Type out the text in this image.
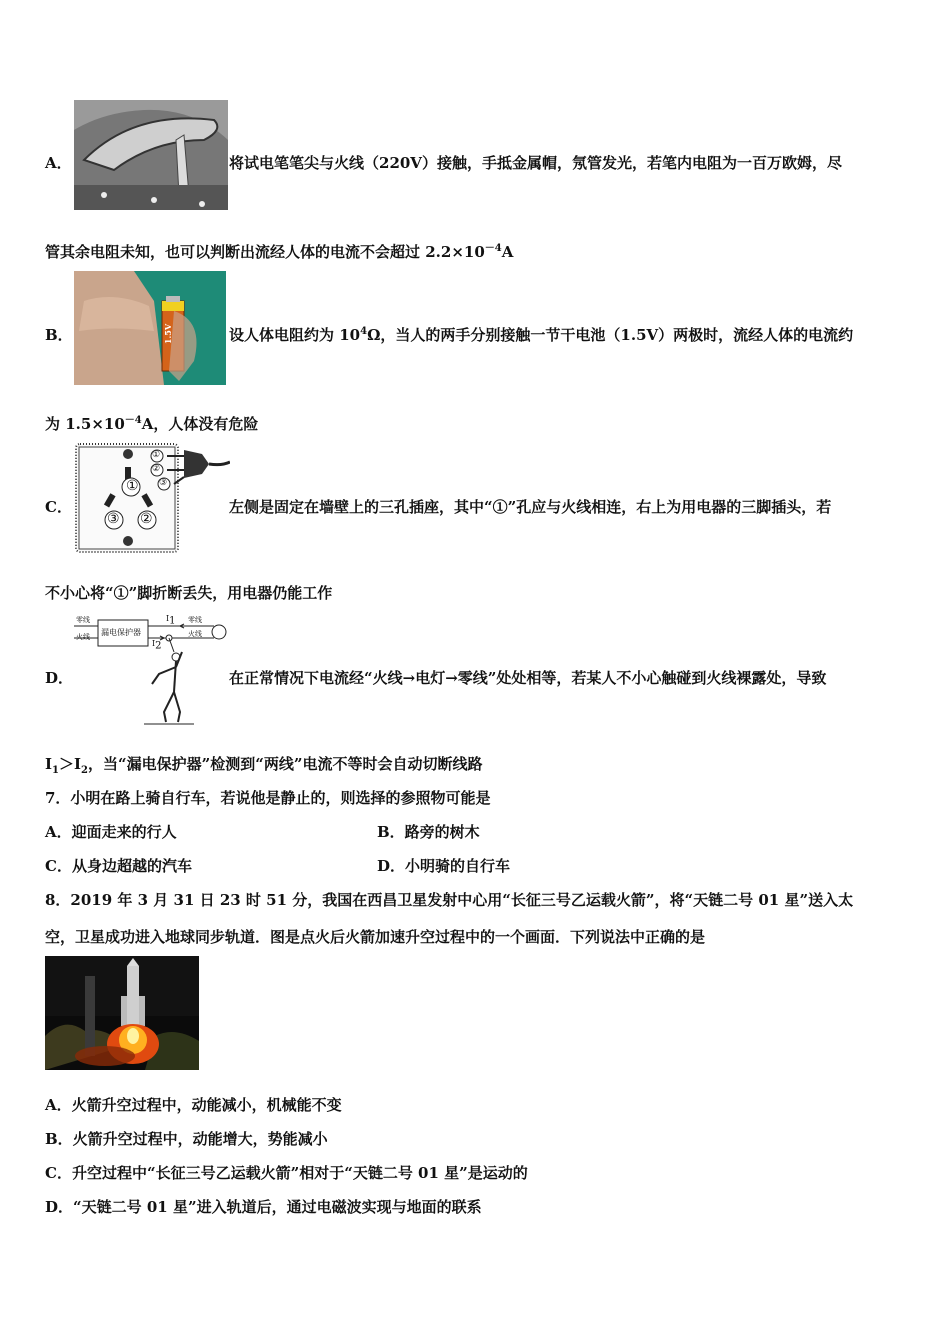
A．	将试电笔笔尖与火线（220V）接触，手抵金属帽，氖管发光，若笔内电阻为一百万欧姆，尽
管其余电阻未知，也可以判断出流经人体的电流不会超过 $2.2\times 10^{-4}A$
B．	1.5V	设人体电阻约为 $10^4\Omega$，当人的两手分别接触一节干电池（1.5V）两极时，流经人体的电流约
为 $1.5\times 10^{-4}A$，人体没有危险
C．
①
②
③
①
②
③
左侧是固定在墙壁上的三孔插座，其中“①”孔应与火线相连，右上为用电器的三脚插头，若
不小心将“①”脚折断丢失，用电器仍能工作
D．
零线
火线 漏电保护器
$I_1$
$I_2$
零线
火线
在正常情况下电流经“火线→电灯→零线”处处相等，若某人不小心触碰到火线裸露处，导致
$I_1>I_2$，当“漏电保护器”检测到“两线”电流不等时会自动切断线路
7．小明在路上骑自行车，若说他是静止的，则选择的参照物可能是
A．迎面走来的行人	B．路旁的树木
C．从身边超越的汽车	D．小明骑的自行车
8．2019 年 3 月 31 日 23 时 51 分，我国在西昌卫星发射中心用“长征三号乙运载火箭”，将“天链二号 01 星”送入太
空，卫星成功进入地球同步轨道．图是点火后火箭加速升空过程中的一个画面．下列说法中正确的是
A．火箭升空过程中，动能减小，机械能不变
B．火箭升空过程中，动能增大，势能减小
C．升空过程中“长征三号乙运载火箭”相对于“天链二号 01 星”是运动的
D．“天链二号 01 星”进入轨道后，通过电磁波实现与地面的联系
